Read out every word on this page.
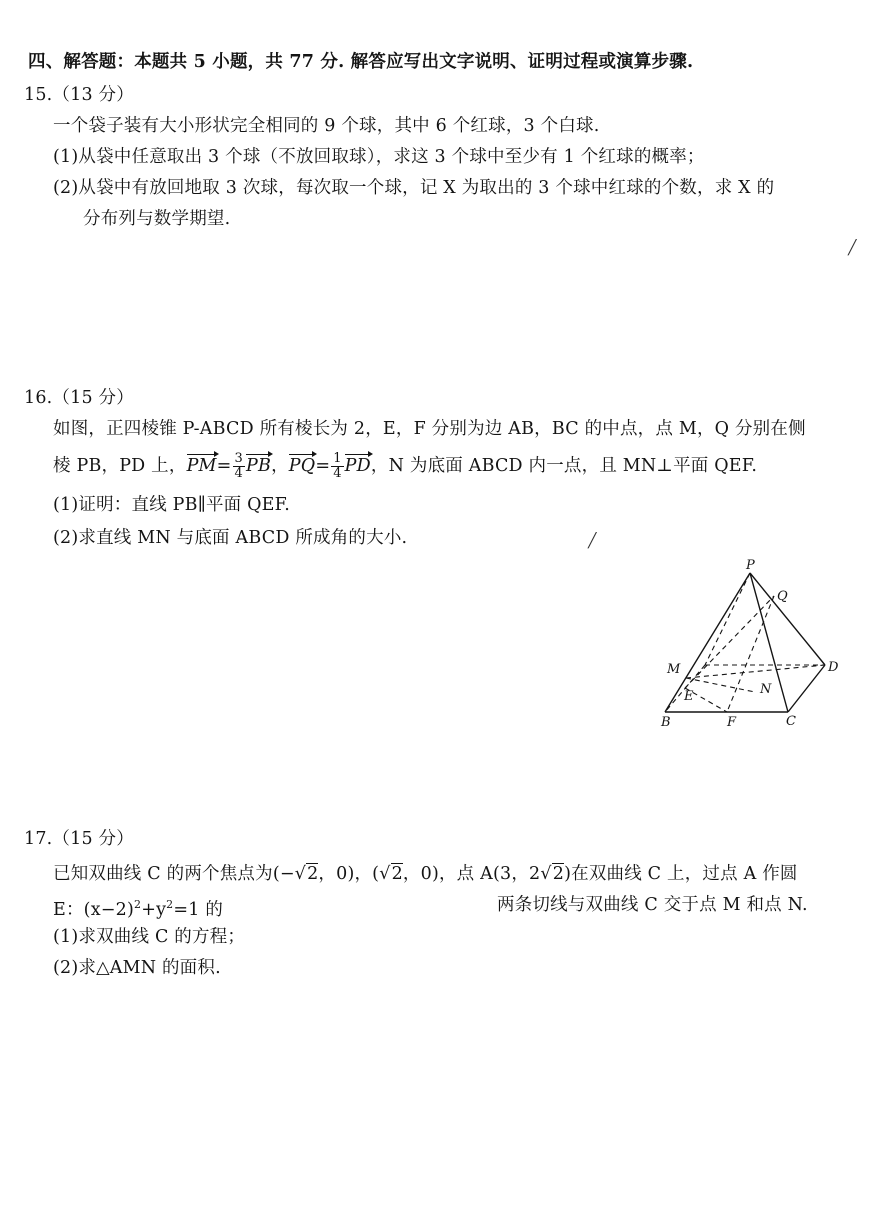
四、解答题：本题共 5 小题，共 77 分. 解答应写出文字说明、证明过程或演算步骤.
15.（13 分）
一个袋子装有大小形状完全相同的 9 个球，其中 6 个红球，3 个白球.
(1)从袋中任意取出 3 个球（不放回取球），求这 3 个球中至少有 1 个红球的概率；
(2)从袋中有放回地取 3 次球，每次取一个球，记 X 为取出的 3 个球中红球的个数，求 X 的
分布列与数学期望.
16.（15 分）
如图，正四棱锥 P-ABCD 所有棱长为 2，E，F 分别为边 AB，BC 的中点，点 M，Q 分别在侧
棱 PB，PD 上，$PM= \frac{3}{4}$ PB，$PQ= \frac{1}{4}$ PD，N 为底面 ABCD 内一点，且 MN⊥平面 QEF.
(1)证明：直线 PB∥平面 QEF.
(2)求直线 MN 与底面 ABCD 所成角的大小.
P
Q
M	D
E	N
B	F	C
17.（15 分）
已知双曲线 C 的两个焦点为(−√2，0)，(√2，0)，点 A(3，2√2)在双曲线 C 上，过点 A 作圆
E：$(x-2)^2+y^2=1$ 的	两条切线与双曲线 C 交于点 M 和点 N.
(1)求双曲线 C 的方程；
(2)求△AMN 的面积.
╱
╱
